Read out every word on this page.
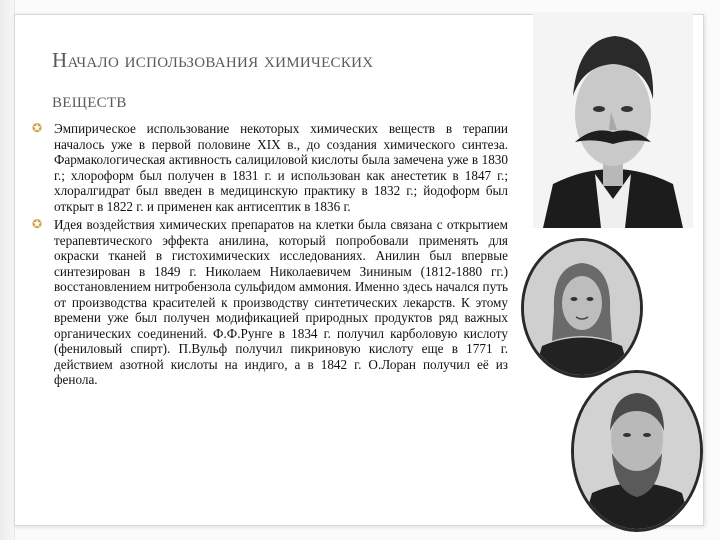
Начало использования химических
веществ
✪ Эмпирическое использование некоторых химических веществ в терапии началось уже в первой половине XIX в., до создания химического синтеза. Фармакологическая активность салициловой кислоты была замечена уже в 1830 г.; хлороформ был получен в 1831 г. и использован как анестетик в 1847 г.; хлоралгидрат был введен в медицинскую практику в 1832 г.; йодоформ был открыт в 1822 г. и применен как антисептик в 1836 г.
✪ Идея воздействия химических препаратов на клетки была связана с открытием терапевтического эффекта анилина, который попробовали применять для окраски тканей в гистохимических исследованиях. Анилин был впервые синтезирован в 1849 г. Николаем Николаевичем Зининым (1812-1880 гг.) восстановлением нитробензола сульфидом аммония. Именно здесь начался путь от производства красителей к производству синтетических лекарств. К этому времени уже был получен модификацией природных продуктов ряд важных органических соединений. Ф.Ф.Рунге в 1834 г. получил карболовую кислоту (фениловый спирт). П.Вульф получил пикриновую кислоту еще в 1771 г. действием азотной кислоты на индиго, а в 1842 г. О.Лоран получил её из фенола.
